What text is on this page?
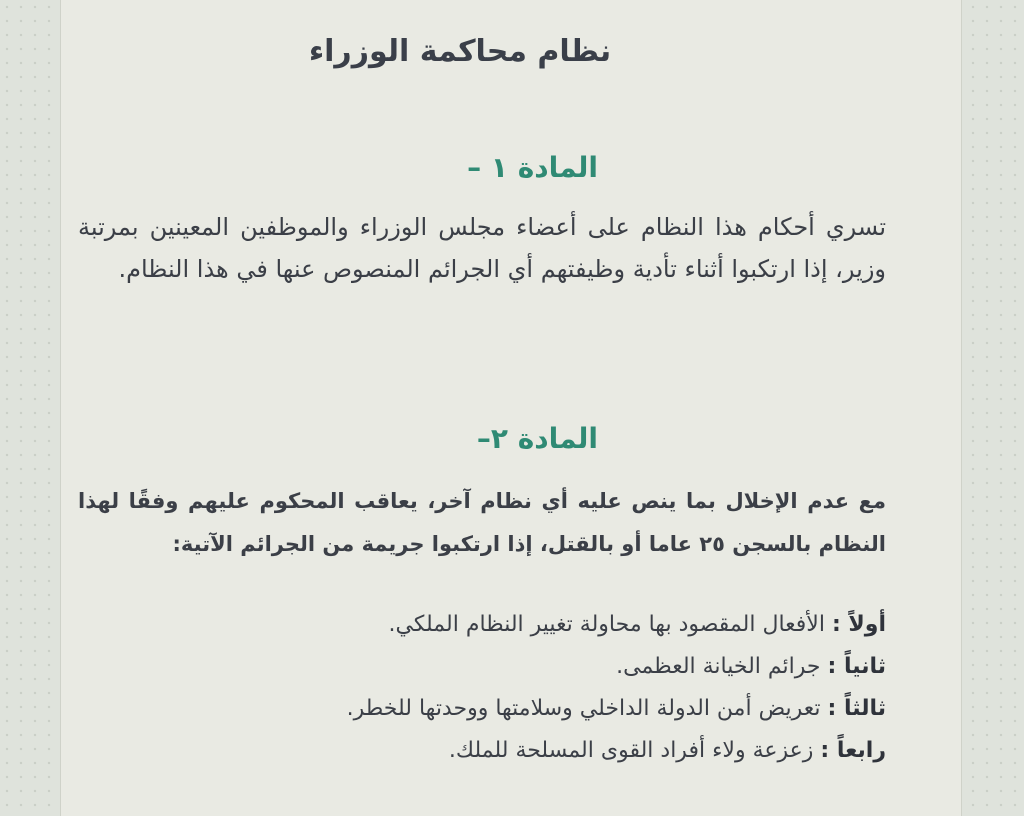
نظام محاكمة الوزراء
المادة ١ –

تسري أحكام هذا النظام على أعضاء مجلس الوزراء والموظفين المعينين بمرتبة وزير، إذا ارتكبوا أثناء تأدية وظيفتهم أي الجرائم المنصوص عنها في هذا النظام.

المادة ٢–

مع عدم الإخلال بما ينص عليه أي نظام آخر، يعاقب المحكوم عليهم وفقًا لهذا النظام بالسجن ٢٥ عاما أو بالقتل، إذا ارتكبوا جريمة من الجرائم الآتية:

أولاً : الأفعال المقصود بها محاولة تغيير النظام الملكي.
ثانياً : جرائم الخيانة العظمى.
ثالثاً : تعريض أمن الدولة الداخلي وسلامتها ووحدتها للخطر.
رابعاً : زعزعة ولاء أفراد القوى المسلحة للملك.
